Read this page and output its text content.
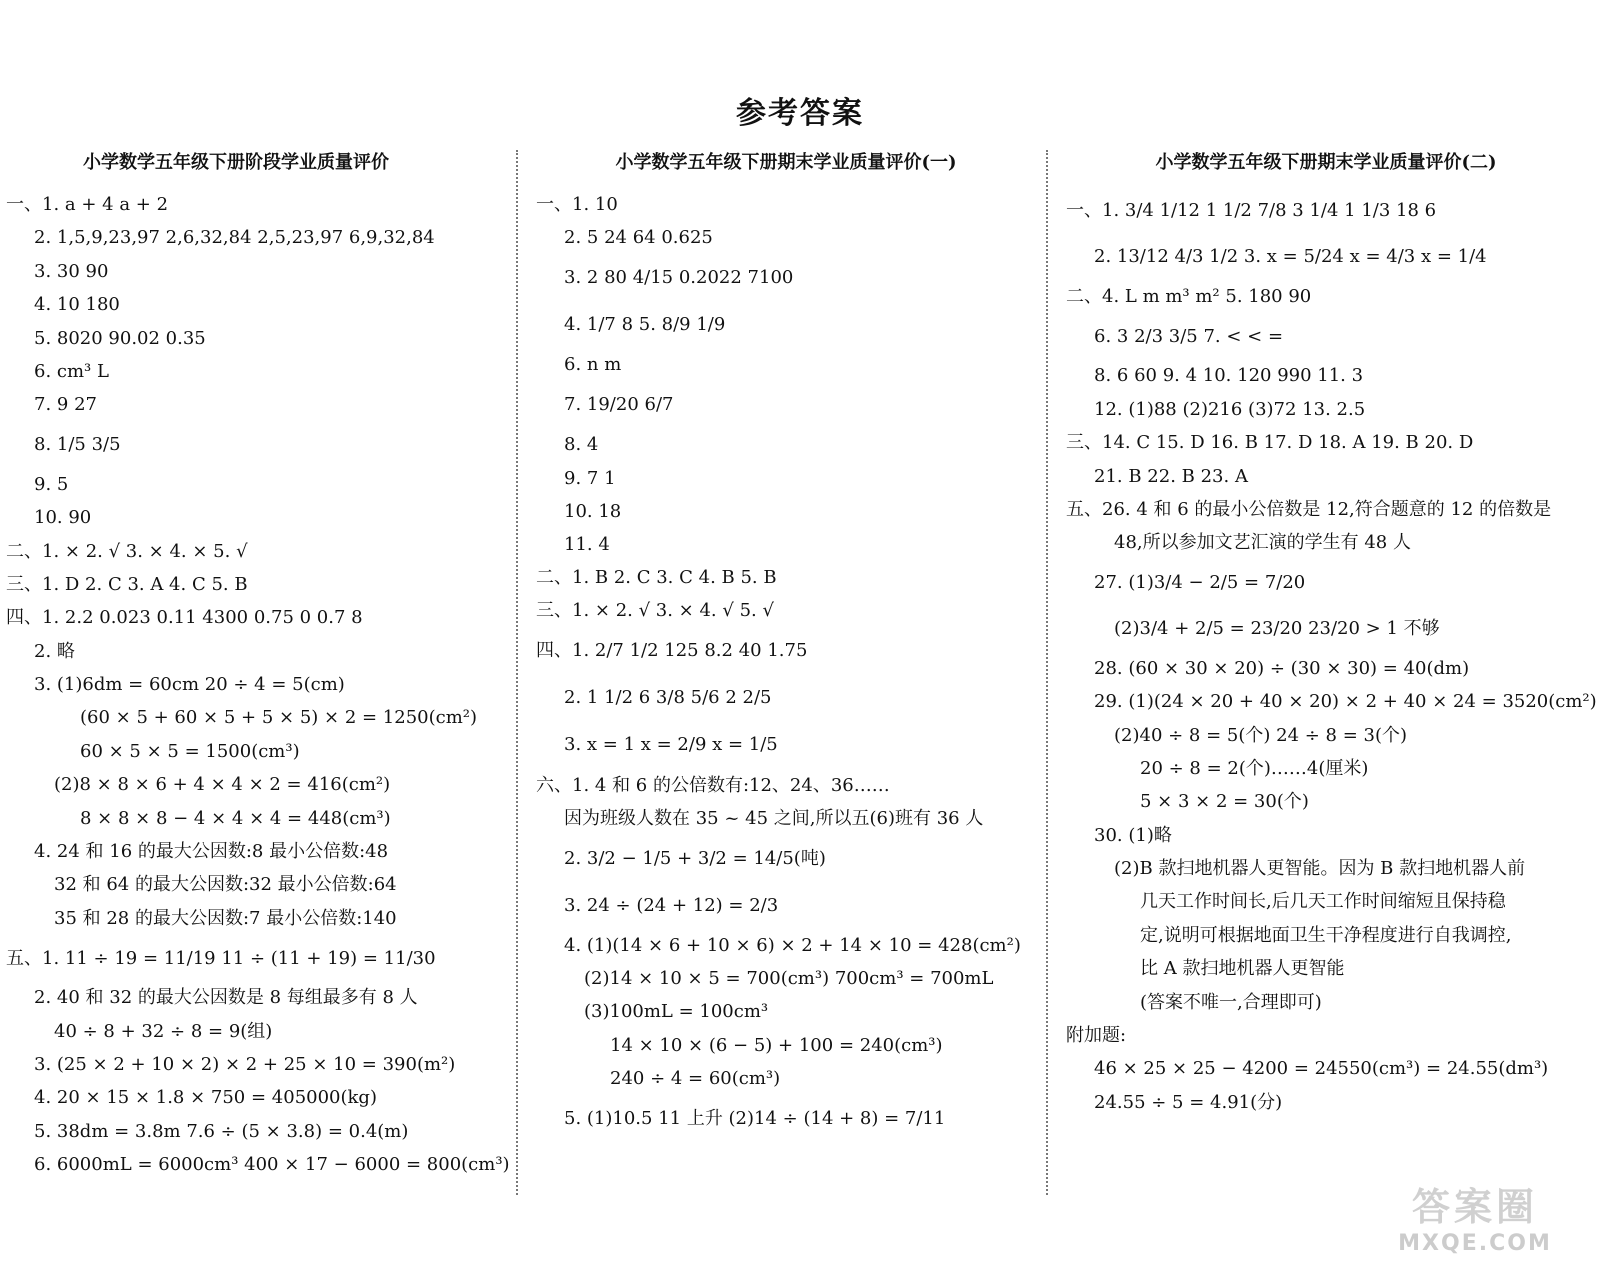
参考答案
小学数学五年级下册阶段学业质量评价
一、1. a + 4 a + 2
2. 1,5,9,23,97 2,6,32,84 2,5,23,97 6,9,32,84
3. 30 90
4. 10 180
5. 8020 90.02 0.35
6. cm³ L
7. 9 27
8. 1/5 3/5
9. 5
10. 90
二、1. × 2. √ 3. × 4. × 5. √
三、1. D 2. C 3. A 4. C 5. B
四、1. 2.2 0.023 0.11 4300 0.75 0 0.7 8
2. 略
3. (1)6dm = 60cm 20 ÷ 4 = 5(cm)
(60 × 5 + 60 × 5 + 5 × 5) × 2 = 1250(cm²)
60 × 5 × 5 = 1500(cm³)
(2)8 × 8 × 6 + 4 × 4 × 2 = 416(cm²)
8 × 8 × 8 − 4 × 4 × 4 = 448(cm³)
4. 24 和 16 的最大公因数:8 最小公倍数:48
32 和 64 的最大公因数:32 最小公倍数:64
35 和 28 的最大公因数:7 最小公倍数:140
五、1. 11 ÷ 19 = 11/19 11 ÷ (11 + 19) = 11/30
2. 40 和 32 的最大公因数是 8 每组最多有 8 人
40 ÷ 8 + 32 ÷ 8 = 9(组)
3. (25 × 2 + 10 × 2) × 2 + 25 × 10 = 390(m²)
4. 20 × 15 × 1.8 × 750 = 405000(kg)
5. 38dm = 3.8m 7.6 ÷ (5 × 3.8) = 0.4(m)
6. 6000mL = 6000cm³ 400 × 17 − 6000 = 800(cm³)
小学数学五年级下册期末学业质量评价(一)
一、1. 10
2. 5 24 64 0.625
3. 2 80 4/15 0.2022 7100
4. 1/7 8 5. 8/9 1/9
6. n m
7. 19/20 6/7
8. 4
9. 7 1
10. 18
11. 4
二、1. B 2. C 3. C 4. B 5. B
三、1. × 2. √ 3. × 4. √ 5. √
四、1. 2/7 1/2 125 8.2 40 1.75
2. 1 1/2 6 3/8 5/6 2 2/5
3. x = 1 x = 2/9 x = 1/5
六、1. 4 和 6 的公倍数有:12、24、36……
因为班级人数在 35 ~ 45 之间,所以五(6)班有 36 人
2. 3/2 − 1/5 + 3/2 = 14/5(吨)
3. 24 ÷ (24 + 12) = 2/3
4. (1)(14 × 6 + 10 × 6) × 2 + 14 × 10 = 428(cm²)
(2)14 × 10 × 5 = 700(cm³) 700cm³ = 700mL
(3)100mL = 100cm³
14 × 10 × (6 − 5) + 100 = 240(cm³)
240 ÷ 4 = 60(cm³)
5. (1)10.5 11 上升 (2)14 ÷ (14 + 8) = 7/11
小学数学五年级下册期末学业质量评价(二)
一、1. 3/4 1/12 1 1/2 7/8 3 1/4 1 1/3 18 6
2. 13/12 4/3 1/2 3. x = 5/24 x = 4/3 x = 1/4
二、4. L m m³ m² 5. 180 90
6. 3 2/3 3/5 7. < < =
8. 6 60 9. 4 10. 120 990 11. 3
12. (1)88 (2)216 (3)72 13. 2.5
三、14. C 15. D 16. B 17. D 18. A 19. B 20. D
21. B 22. B 23. A
五、26. 4 和 6 的最小公倍数是 12,符合题意的 12 的倍数是
48,所以参加文艺汇演的学生有 48 人
27. (1)3/4 − 2/5 = 7/20
(2)3/4 + 2/5 = 23/20 23/20 > 1 不够
28. (60 × 30 × 20) ÷ (30 × 30) = 40(dm)
29. (1)(24 × 20 + 40 × 20) × 2 + 40 × 24 = 3520(cm²)
(2)40 ÷ 8 = 5(个) 24 ÷ 8 = 3(个)
20 ÷ 8 = 2(个)……4(厘米)
5 × 3 × 2 = 30(个)
30. (1)略
(2)B 款扫地机器人更智能。因为 B 款扫地机器人前
几天工作时间长,后几天工作时间缩短且保持稳
定,说明可根据地面卫生干净程度进行自我调控,
比 A 款扫地机器人更智能
(答案不唯一,合理即可)
附加题:
46 × 25 × 25 − 4200 = 24550(cm³) = 24.55(dm³)
24.55 ÷ 5 = 4.91(分)
答案圈
MXQE.COM
